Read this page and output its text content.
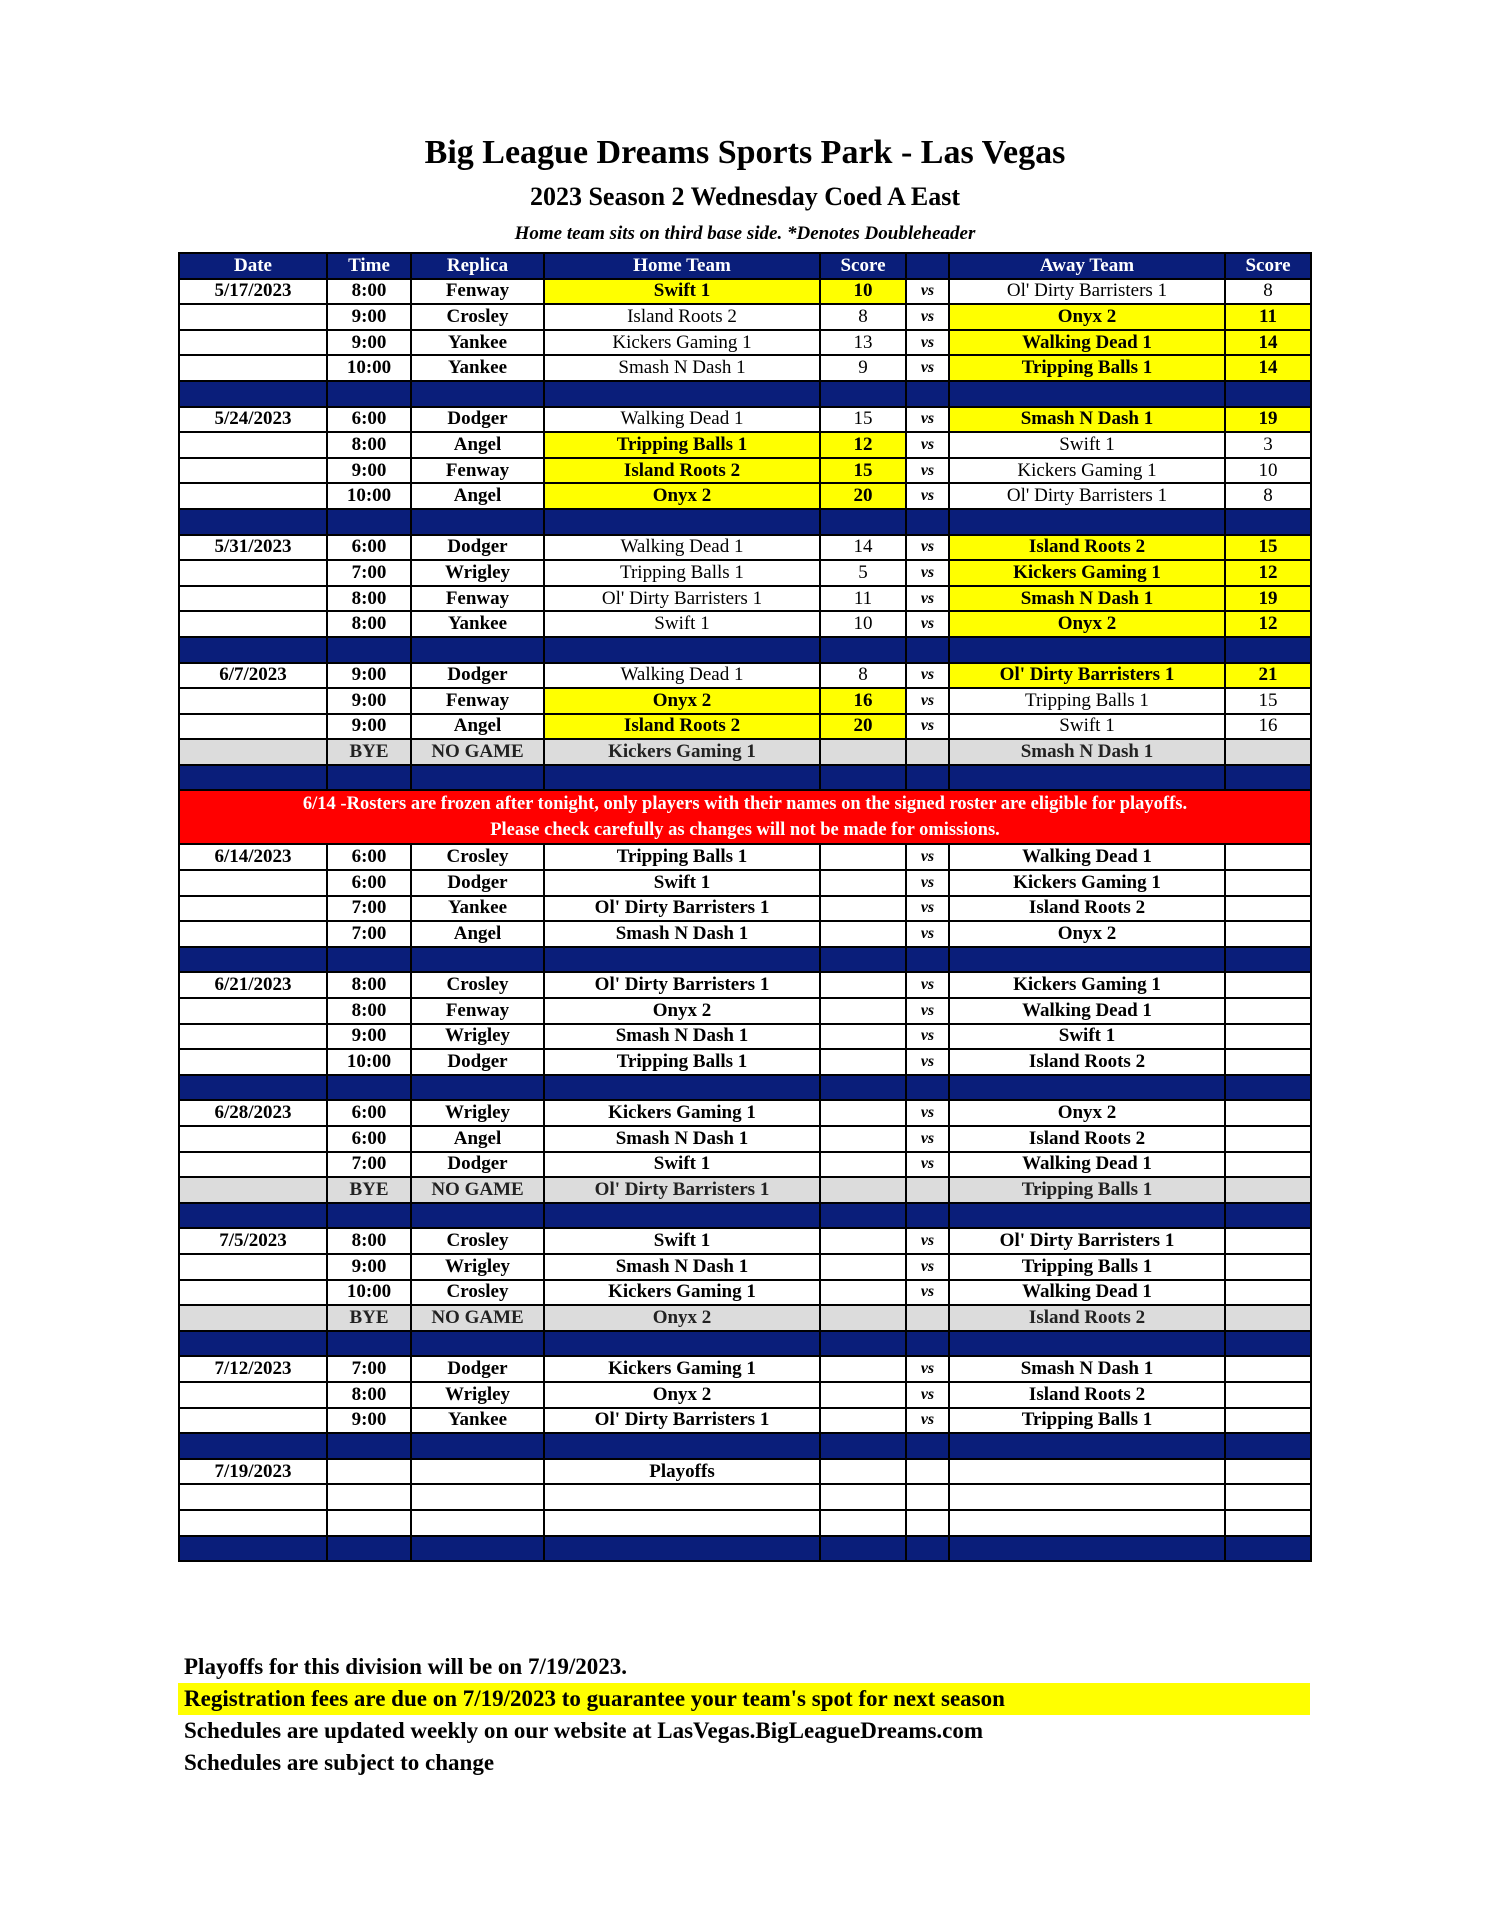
Big League Dreams Sports Park - Las Vegas
2023 Season 2 Wednesday Coed A East
Home team sits on third base side. *Denotes Doubleheader
Date	Time	Replica	Home Team	Score		Away Team	Score
5/17/2023	8:00	Fenway	Swift 1	10	vs	Ol' Dirty Barristers 1	8
	9:00	Crosley	Island Roots 2	8	vs	Onyx 2	11
	9:00	Yankee	Kickers Gaming 1	13	vs	Walking Dead 1	14
	10:00	Yankee	Smash N Dash 1	9	vs	Tripping Balls 1	14

5/24/2023	6:00	Dodger	Walking Dead 1	15	vs	Smash N Dash 1	19
	8:00	Angel	Tripping Balls 1	12	vs	Swift 1	3
	9:00	Fenway	Island Roots 2	15	vs	Kickers Gaming 1	10
	10:00	Angel	Onyx 2	20	vs	Ol' Dirty Barristers 1	8

5/31/2023	6:00	Dodger	Walking Dead 1	14	vs	Island Roots 2	15
	7:00	Wrigley	Tripping Balls 1	5	vs	Kickers Gaming 1	12
	8:00	Fenway	Ol' Dirty Barristers 1	11	vs	Smash N Dash 1	19
	8:00	Yankee	Swift 1	10	vs	Onyx 2	12

6/7/2023	9:00	Dodger	Walking Dead 1	8	vs	Ol' Dirty Barristers 1	21
	9:00	Fenway	Onyx 2	16	vs	Tripping Balls 1	15
	9:00	Angel	Island Roots 2	20	vs	Swift 1	16
	BYE	NO GAME	Kickers Gaming 1			Smash N Dash 1	

6/14 -Rosters are frozen after tonight, only players with their names on the signed roster are eligible for playoffs.
Please check carefully as changes will not be made for omissions.							

6/14/2023	6:00	Crosley	Tripping Balls 1		vs	Walking Dead 1	
	6:00	Dodger	Swift 1		vs	Kickers Gaming 1	
	7:00	Yankee	Ol' Dirty Barristers 1		vs	Island Roots 2	
	7:00	Angel	Smash N Dash 1		vs	Onyx 2	

6/21/2023	8:00	Crosley	Ol' Dirty Barristers 1		vs	Kickers Gaming 1	
	8:00	Fenway	Onyx 2		vs	Walking Dead 1	
	9:00	Wrigley	Smash N Dash 1		vs	Swift 1	
	10:00	Dodger	Tripping Balls 1		vs	Island Roots 2	

6/28/2023	6:00	Wrigley	Kickers Gaming 1		vs	Onyx 2	
	6:00	Angel	Smash N Dash 1		vs	Island Roots 2	
	7:00	Dodger	Swift 1		vs	Walking Dead 1	
	BYE	NO GAME	Ol' Dirty Barristers 1			Tripping Balls 1	

7/5/2023	8:00	Crosley	Swift 1		vs	Ol' Dirty Barristers 1	
	9:00	Wrigley	Smash N Dash 1		vs	Tripping Balls 1	
	10:00	Crosley	Kickers Gaming 1		vs	Walking Dead 1	
	BYE	NO GAME	Onyx 2			Island Roots 2	

7/12/2023	7:00	Dodger	Kickers Gaming 1		vs	Smash N Dash 1	
	8:00	Wrigley	Onyx 2		vs	Island Roots 2	
	9:00	Yankee	Ol' Dirty Barristers 1		vs	Tripping Balls 1	

7/19/2023			Playoffs				

Playoffs for this division will be on 7/19/2023.
Registration fees are due on 7/19/2023 to guarantee your team's spot for next season
Schedules are updated weekly on our website at LasVegas.BigLeagueDreams.com
Schedules are subject to change
